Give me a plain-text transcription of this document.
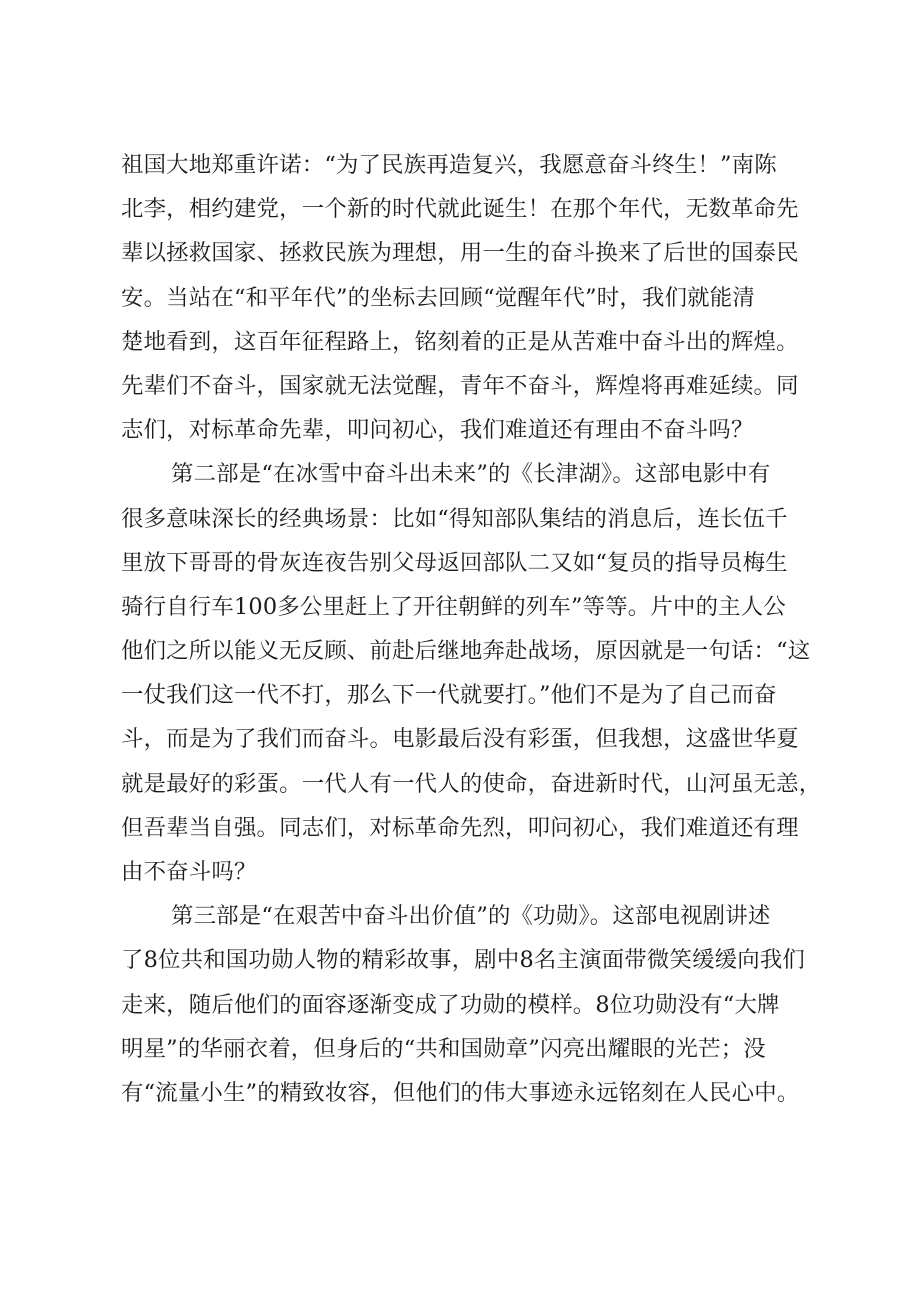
祖国大地郑重许诺：“为了民族再造复兴，我愿意奋斗终生！”南陈
北李，相约建党，一个新的时代就此诞生！在那个年代，无数革命先
辈以拯救国家、拯救民族为理想，用一生的奋斗换来了后世的国泰民
安。当站在“和平年代”的坐标去回顾“觉醒年代”时，我们就能清
楚地看到，这百年征程路上，铭刻着的正是从苦难中奋斗出的辉煌。
先辈们不奋斗，国家就无法觉醒，青年不奋斗，辉煌将再难延续。同
志们，对标革命先辈，叩问初心，我们难道还有理由不奋斗吗？
第二部是“在冰雪中奋斗出未来”的《长津湖》。这部电影中有
很多意味深长的经典场景：比如“得知部队集结的消息后，连长伍千
里放下哥哥的骨灰连夜告别父母返回部队二又如“复员的指导员梅生
骑行自行车100多公里赶上了开往朝鲜的列车”等等。片中的主人公
他们之所以能义无反顾、前赴后继地奔赴战场，原因就是一句话：“这
一仗我们这一代不打，那么下一代就要打。”他们不是为了自己而奋
斗，而是为了我们而奋斗。电影最后没有彩蛋，但我想，这盛世华夏
就是最好的彩蛋。一代人有一代人的使命，奋进新时代，山河虽无恙，
但吾辈当自强。同志们，对标革命先烈，叩问初心，我们难道还有理
由不奋斗吗？
第三部是“在艰苦中奋斗出价值”的《功勋》。这部电视剧讲述
了8位共和国功勋人物的精彩故事，剧中8名主演面带微笑缓缓向我们
走来，随后他们的面容逐渐变成了功勋的模样。8位功勋没有“大牌
明星”的华丽衣着，但身后的“共和国勋章”闪亮出耀眼的光芒；没
有“流量小生”的精致妆容，但他们的伟大事迹永远铭刻在人民心中。
